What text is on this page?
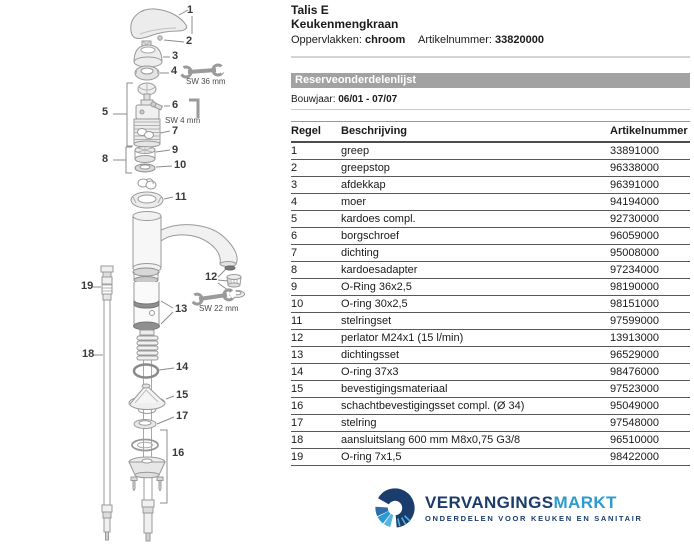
SW 36 mm
SW 4 mm
SW 22 mm
1
2
3
4
5
6
7
8
9
10
11
12
13
14
15
16
17
18
19
Talis E
Keukenmengkraan
Oppervlakken: chroom Artikelnummer: 33820000
Reserveonderdelenlijst
Bouwjaar: 06/01 - 07/07
Regel	Beschrijving	Artikelnummer
1	greep	33891000
2	greepstop	96338000
3	afdekkap	96391000
4	moer	94194000
5	kardoes compl.	92730000
6	borgschroef	96059000
7	dichting	95008000
8	kardoesadapter	97234000
9	O-Ring 36x2,5	98190000
10	O-ring 30x2,5	98151000
11	stelringset	97599000
12	perlator M24x1 (15 l/min)	13913000
13	dichtingsset	96529000
14	O-ring 37x3	98476000
15	bevestigingsmateriaal	97523000
16	schachtbevestigingsset compl. (Ø 34)	95049000
17	stelring	97548000
18	aansluitslang 600 mm M8x0,75 G3/8	96510000
19	O-ring 7x1,5	98422000
VERVANGINGSMARKT
ONDERDELEN VOOR KEUKEN EN SANITAIR
